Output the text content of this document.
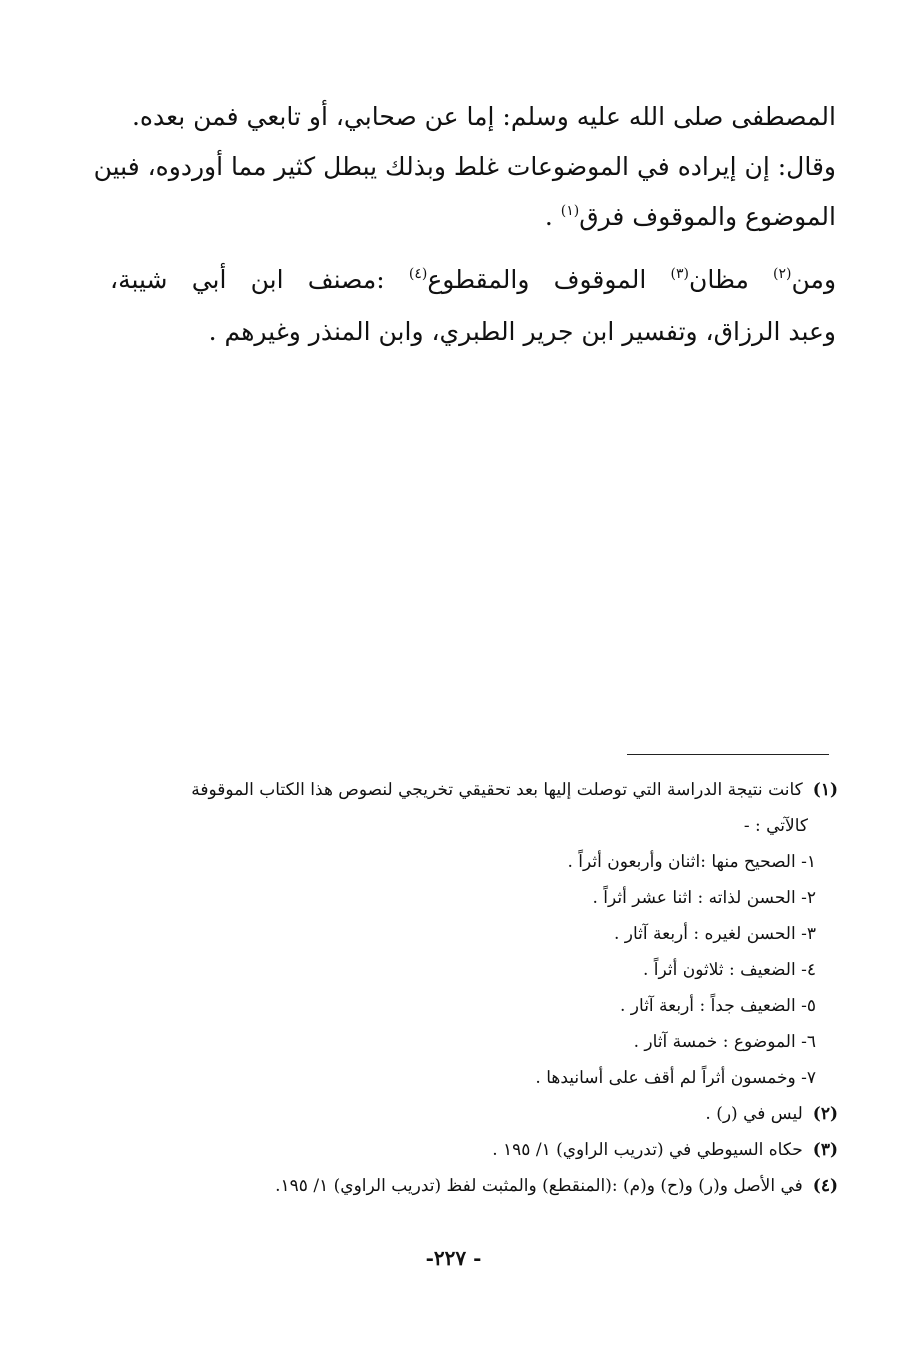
المصطفى صلى الله عليه وسلم: إما عن صحابي، أو تابعي فمن بعده.

وقال: إن إيراده في الموضوعات غلط وبذلك يبطل كثير مما أوردوه، فبين

الموضوع والموقوف فرق$^{(١)}$ .

ومن$^{(٢)}$ مظان$^{(٣)}$ الموقوف والمقطوع$^{(٤)}$ :مصنف ابن أبي شيبة،

وعبد الرزاق، وتفسير ابن جرير الطبري، وابن المنذر وغيرهم .

(١)كانت نتيجة الدراسة التي توصلت إليها بعد تحقيقي تخريجي لنصوص هذا الكتاب الموقوفة

كالآتي : -

١- الصحيح منها :اثنان وأربعون أثراً .

٢- الحسن لذاته : اثنا عشر أثراً .

٣- الحسن لغيره : أربعة آثار .

٤- الضعيف : ثلاثون أثراً .

٥- الضعيف جداً : أربعة آثار .

٦- الموضوع : خمسة آثار .

٧- وخمسون أثراً لم أقف على أسانيدها .

(٢)ليس في (ر) .

(٣)حكاه السيوطي في (تدريب الراوي) ١/ ١٩٥ .

(٤)في الأصل و(ر) و(ح) و(م) :(المنقطع) والمثبت لفظ (تدريب الراوي) ١/ ١٩٥.

- ٢٢٧-
